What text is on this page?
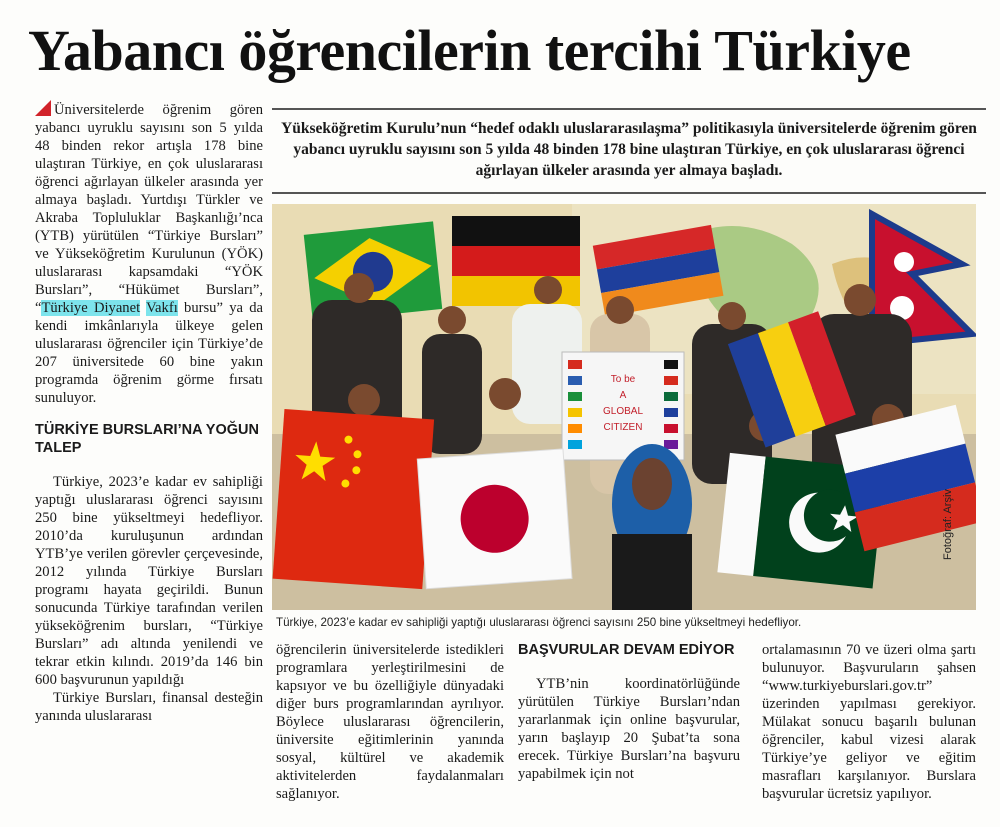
Yabancı öğrencilerin tercihi Türkiye

Üniversitelerde öğrenim gören yabancı uyruklu sayısını son 5 yılda 48 binden rekor artışla 178 bine ulaştıran Türkiye, en çok uluslararası öğrenci ağırlayan ülkeler arasında yer almaya başladı. Yurtdışı Türkler ve Akraba Topluluklar Başkanlığı’nca (YTB) yürütülen “Türkiye Bursları” ve Yükseköğretim Kurulunun (YÖK) uluslararası kapsamdaki “YÖK Bursları”, “Hükümet Bursları”, “Türkiye Diyanet Vakfı bursu” ya da kendi imkânlarıyla ülkeye gelen uluslararası öğrenciler için Türkiye’de 207 üniversitede 60 bine yakın programda öğrenim görme fırsatı sunuluyor.

TÜRKİYE BURSLARI’NA YOĞUN TALEP

Türkiye, 2023’e kadar ev sahipliği yaptığı uluslararası öğrenci sayısını 250 bine yükseltmeyi hedefliyor. 2010’da kuruluşunun ardından YTB’ye verilen görevler çerçevesinde, 2012 yılında Türkiye Bursları programı hayata geçirildi. Bunun sonucunda Türkiye tarafından verilen yükseköğrenim bursları, “Türkiye Bursları” adı altında yenilendi ve tekrar etkin kılındı. 2019’da 146 bin 600 başvurunun yapıldığı

Türkiye Bursları, finansal desteğin yanında uluslararası

Yükseköğretim Kurulu’nun “hedef odaklı uluslararasılaşma” politikasıyla üniversitelerde öğrenim gören yabancı uyruklu sayısını son 5 yılda 48 binden 178 bine ulaştıran Türkiye, en çok uluslararası öğrenci ağırlayan ülkeler arasında yer almaya başladı.
To be
A
GLOBAL
CITIZEN
Fotoğraf: Arşiv
Türkiye, 2023’e kadar ev sahipliği yaptığı uluslararası öğrenci sayısını 250 bine yükseltmeyi hedefliyor.

öğrencilerin üniversitelerde istedikleri programlara yerleştirilmesini de kapsıyor ve bu özelliğiyle dünyadaki diğer burs programlarından ayrılıyor. Böylece uluslararası öğrencilerin, üniversite eğitimlerinin yanında sosyal, kültürel ve akademik aktivitelerden faydalanmaları sağlanıyor.

BAŞVURULAR DEVAM EDİYOR

YTB’nin koordinatörlüğünde yürütülen Türkiye Bursları’ndan yararlanmak için online başvurular, yarın başlayıp 20 Şubat’ta sona erecek. Türkiye Bursları’na başvuru yapabilmek için not

ortalamasının 70 ve üzeri olma şartı bulunuyor. Başvuruların şahsen “www.turkiyeburslari.gov.tr” üzerinden yapılması gerekiyor. Mülakat sonucu başarılı bulunan öğrenciler, kabul vizesi alarak Türkiye’ye geliyor ve eğitim masrafları karşılanıyor. Burslara başvurular ücretsiz yapılıyor.
